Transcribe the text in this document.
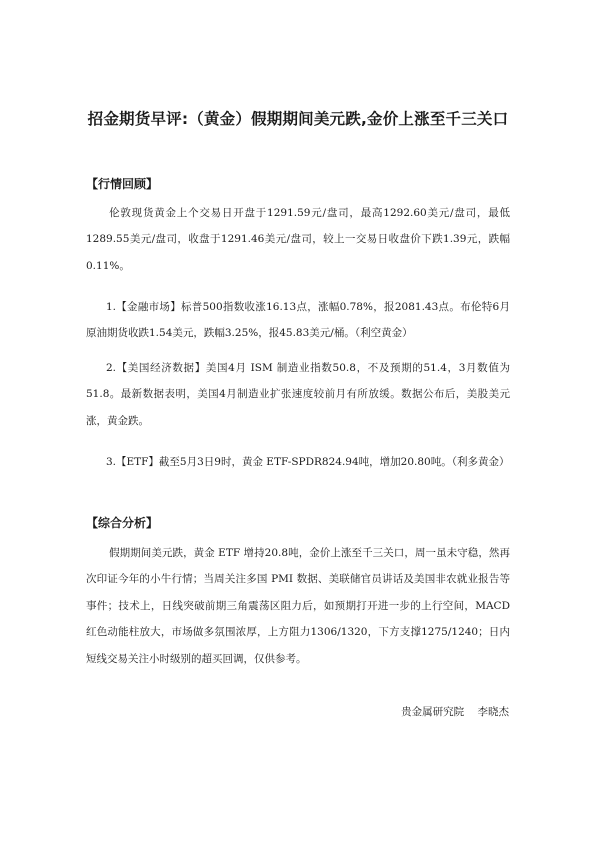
招金期货早评:（黄金）假期期间美元跌,金价上涨至千三关口
【行情回顾】

伦敦现货黄金上个交易日开盘于1291.59元/盘司，最高1292.60美元/盘司，最低1289.55美元/盘司，收盘于1291.46美元/盘司，较上一交易日收盘价下跌1.39元，跌幅0.11%。

1.【金融市场】标普500指数收涨16.13点，涨幅0.78%，报2081.43点。布伦特6月原油期货收跌1.54美元，跌幅3.25%，报45.83美元/桶。（利空黄金）

2.【美国经济数据】美国4月 ISM 制造业指数50.8，不及预期的51.4，3月数值为51.8。最新数据表明，美国4月制造业扩张速度较前月有所放缓。数据公布后，美股美元涨，黄金跌。

3.【ETF】截至5月3日9时，黄金 ETF-SPDR824.94吨，增加20.80吨。（利多黄金）

【综合分析】

假期期间美元跌，黄金 ETF 增持20.8吨，金价上涨至千三关口，周一虽未守稳，然再次印证今年的小牛行情；当周关注多国 PMI 数据、美联储官员讲话及美国非农就业报告等事件；技术上，日线突破前期三角震荡区阻力后，如预期打开进一步的上行空间，MACD 红色动能柱放大，市场做多氛围浓厚，上方阻力1306/1320，下方支撑1275/1240；日内短线交易关注小时级别的超买回调，仅供参考。

贵金属研究院 李晓杰
